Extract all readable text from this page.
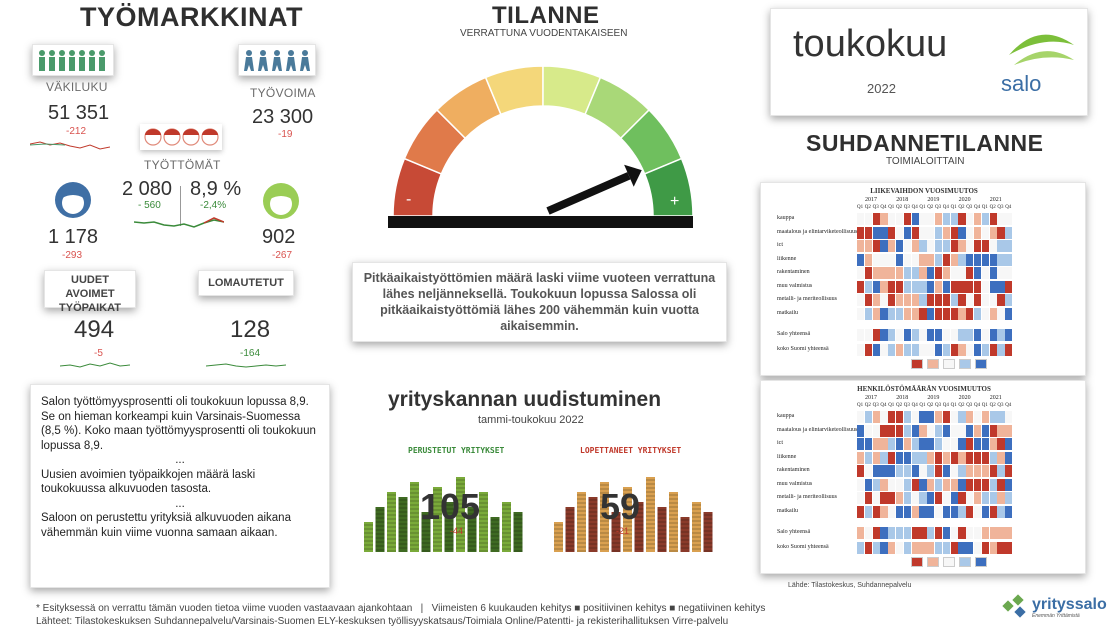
TYÖMARKKINAT
VÄKILUKU
51 351
-212
TYÖVOIMA
23 300
-19
TYÖTTÖMÄT
2 080 8,9 %
- 560	-2,4%
1 178
-293
902
-267
UUDET AVOIMET TYÖPAIKAT
494
-5
LOMAUTETUT
128
-164
Salon työttömyysprosentti oli toukokuun lopussa 8,9. Se on hieman korkeampi kuin Varsinais-Suomessa (8,5 %). Koko maan työttömyysprosentti oli toukokuun lopussa 8,9.
...
Uusien avoimien työpaikkojen määrä laski toukokuussa alkuvuoden tasosta.
...
Saloon on perustettu yrityksiä alkuvuoden aikana vähemmän kuin viime vuonna samaan aikaan.
TILANNE
VERRATTUNA VUODENTAKAISEEN
-	+
Pitkäaikaistyöttömien määrä laski viime vuoteen verrattuna lähes neljänneksellä. Toukokuun lopussa Salossa oli pitkäaikaistyöttömiä lähes 200 vähemmän kuin vuotta aikaisemmin.
yrityskannan uudistuminen
tammi-toukokuu 2022
PERUSTETUT YRITYKSET
105
-44
LOPETTANEET YRITYKSET
59
-21
toukokuu
2022	salo
SUHDANNETILANNE
TOIMIALOITTAIN
LIIKEVAIHDON VUOSIMUUTOS
2017
Q1 Q2 Q3 Q4
2018
Q1 Q2 Q3 Q4
2019
Q1 Q2 Q3 Q4
2020
Q1 Q2 Q3 Q4
2021
Q1 Q2 Q3 Q4
kauppa
maatalous ja elintarviketeollisuus
ict
liikenne
rakentaminen
muu valmistus
metalli- ja meriteollisuus
matkailu
Salo yhteensä
koko Suomi yhteensä
HENKILÖSTÖMÄÄRÄN VUOSIMUUTOS
2017
Q1 Q2 Q3 Q4
2018
Q1 Q2 Q3 Q4
2019
Q1 Q2 Q3 Q4
2020
Q1 Q2 Q3 Q4
2021
Q1 Q2 Q3 Q4
kauppa
maatalous ja elintarviketeollisuus
ict
liikenne
rakentaminen
muu valmistus
metalli- ja meriteollisuus
matkailu
Salo yhteensä
koko Suomi yhteensä
Lähde: Tilastokeskus, Suhdannepalvelu
* Esityksessä on verrattu tämän vuoden tietoa viime vuoden vastaavaan ajankohtaan   |   Viimeisten 6 kuukauden kehitys ■ positiivinen kehitys ■ negatiivinen kehitys
Lähteet: Tilastokeskuksen Suhdannepalvelu/Varsinais-Suomen ELY-keskuksen työllisyyskatsaus/Toimiala Online/Patentti- ja rekisterihallituksen Virre-palvelu
yrityssalo
Enemmän Yrittämistä
